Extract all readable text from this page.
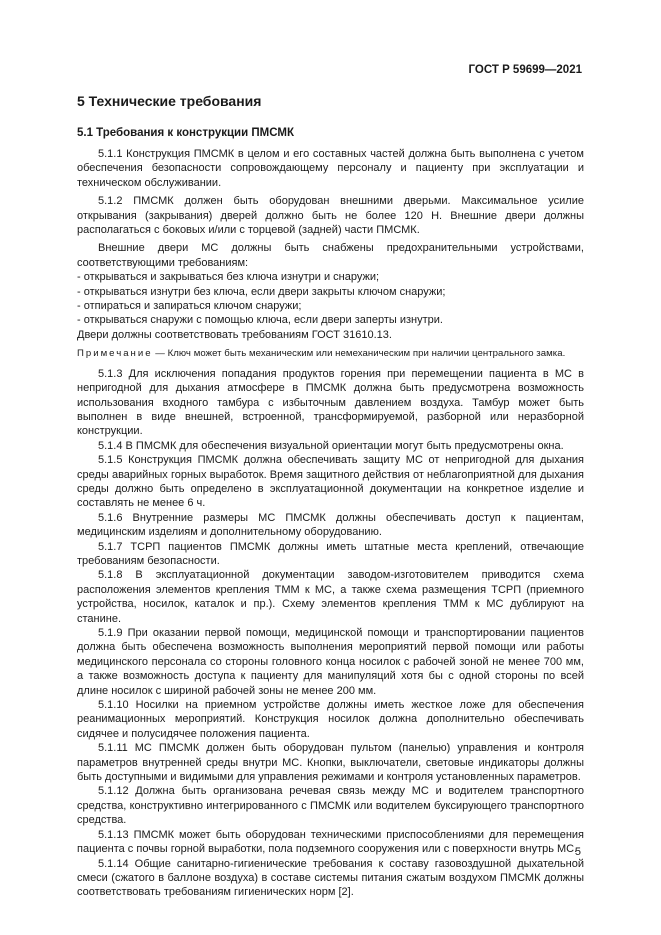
ГОСТ Р 59699—2021
5 Технические требования
5.1 Требования к конструкции ПМСМК

5.1.1 Конструкция ПМСМК в целом и его составных частей должна быть выполнена с учетом обеспечения безопасности сопровождающему персоналу и пациенту при эксплуатации и техническом обслуживании.

5.1.2 ПМСМК должен быть оборудован внешними дверьми. Максимальное усилие открывания (закрывания) дверей должно быть не более 120 Н. Внешние двери должны располагаться с боковых и/или с торцевой (задней) части ПМСМК.

Внешние двери МС должны быть снабжены предохранительными устройствами, соответствующими требованиям:

- открываться и закрываться без ключа изнутри и снаружи;

- открываться изнутри без ключа, если двери закрыты ключом снаружи;

- отпираться и запираться ключом снаружи;

- открываться снаружи с помощью ключа, если двери заперты изнутри.

Двери должны соответствовать требованиям ГОСТ 31610.13.

Примечание — Ключ может быть механическим или немеханическим при наличии центрального замка.

5.1.3 Для исключения попадания продуктов горения при перемещении пациента в МС в непригодной для дыхания атмосфере в ПМСМК должна быть предусмотрена возможность использования входного тамбура с избыточным давлением воздуха. Тамбур может быть выполнен в виде внешней, встроенной, трансформируемой, разборной или неразборной конструкции.

5.1.4 В ПМСМК для обеспечения визуальной ориентации могут быть предусмотрены окна.

5.1.5 Конструкция ПМСМК должна обеспечивать защиту МС от непригодной для дыхания среды аварийных горных выработок. Время защитного действия от неблагоприятной для дыхания среды должно быть определено в эксплуатационной документации на конкретное изделие и составлять не менее 6 ч.

5.1.6 Внутренние размеры МС ПМСМК должны обеспечивать доступ к пациентам, медицинским изделиям и дополнительному оборудованию.

5.1.7 ТСРП пациентов ПМСМК должны иметь штатные места креплений, отвечающие требованиям безопасности.

5.1.8 В эксплуатационной документации заводом-изготовителем приводится схема расположения элементов крепления ТММ к МС, а также схема размещения ТСРП (приемного устройства, носилок, каталок и пр.). Схему элементов крепления ТММ к МС дублируют на станине.

5.1.9 При оказании первой помощи, медицинской помощи и транспортировании пациентов должна быть обеспечена возможность выполнения мероприятий первой помощи или работы медицинского персонала со стороны головного конца носилок с рабочей зоной не менее 700 мм, а также возможность доступа к пациенту для манипуляций хотя бы с одной стороны по всей длине носилок с шириной рабочей зоны не менее 200 мм.

5.1.10 Носилки на приемном устройстве должны иметь жесткое ложе для обеспечения реанимационных мероприятий. Конструкция носилок должна дополнительно обеспечивать сидячее и полусидячее положения пациента.

5.1.11 МС ПМСМК должен быть оборудован пультом (панелью) управления и контроля параметров внутренней среды внутри МС. Кнопки, выключатели, световые индикаторы должны быть доступными и видимыми для управления режимами и контроля установленных параметров.

5.1.12 Должна быть организована речевая связь между МС и водителем транспортного средства, конструктивно интегрированного с ПМСМК или водителем буксирующего транспортного средства.

5.1.13 ПМСМК может быть оборудован техническими приспособлениями для перемещения пациента с почвы горной выработки, пола подземного сооружения или с поверхности внутрь МС.

5.1.14 Общие санитарно-гигиенические требования к составу газовоздушной дыхательной смеси (сжатого в баллоне воздуха) в составе системы питания сжатым воздухом ПМСМК должны соответствовать требованиям гигиенических норм [2].

5
